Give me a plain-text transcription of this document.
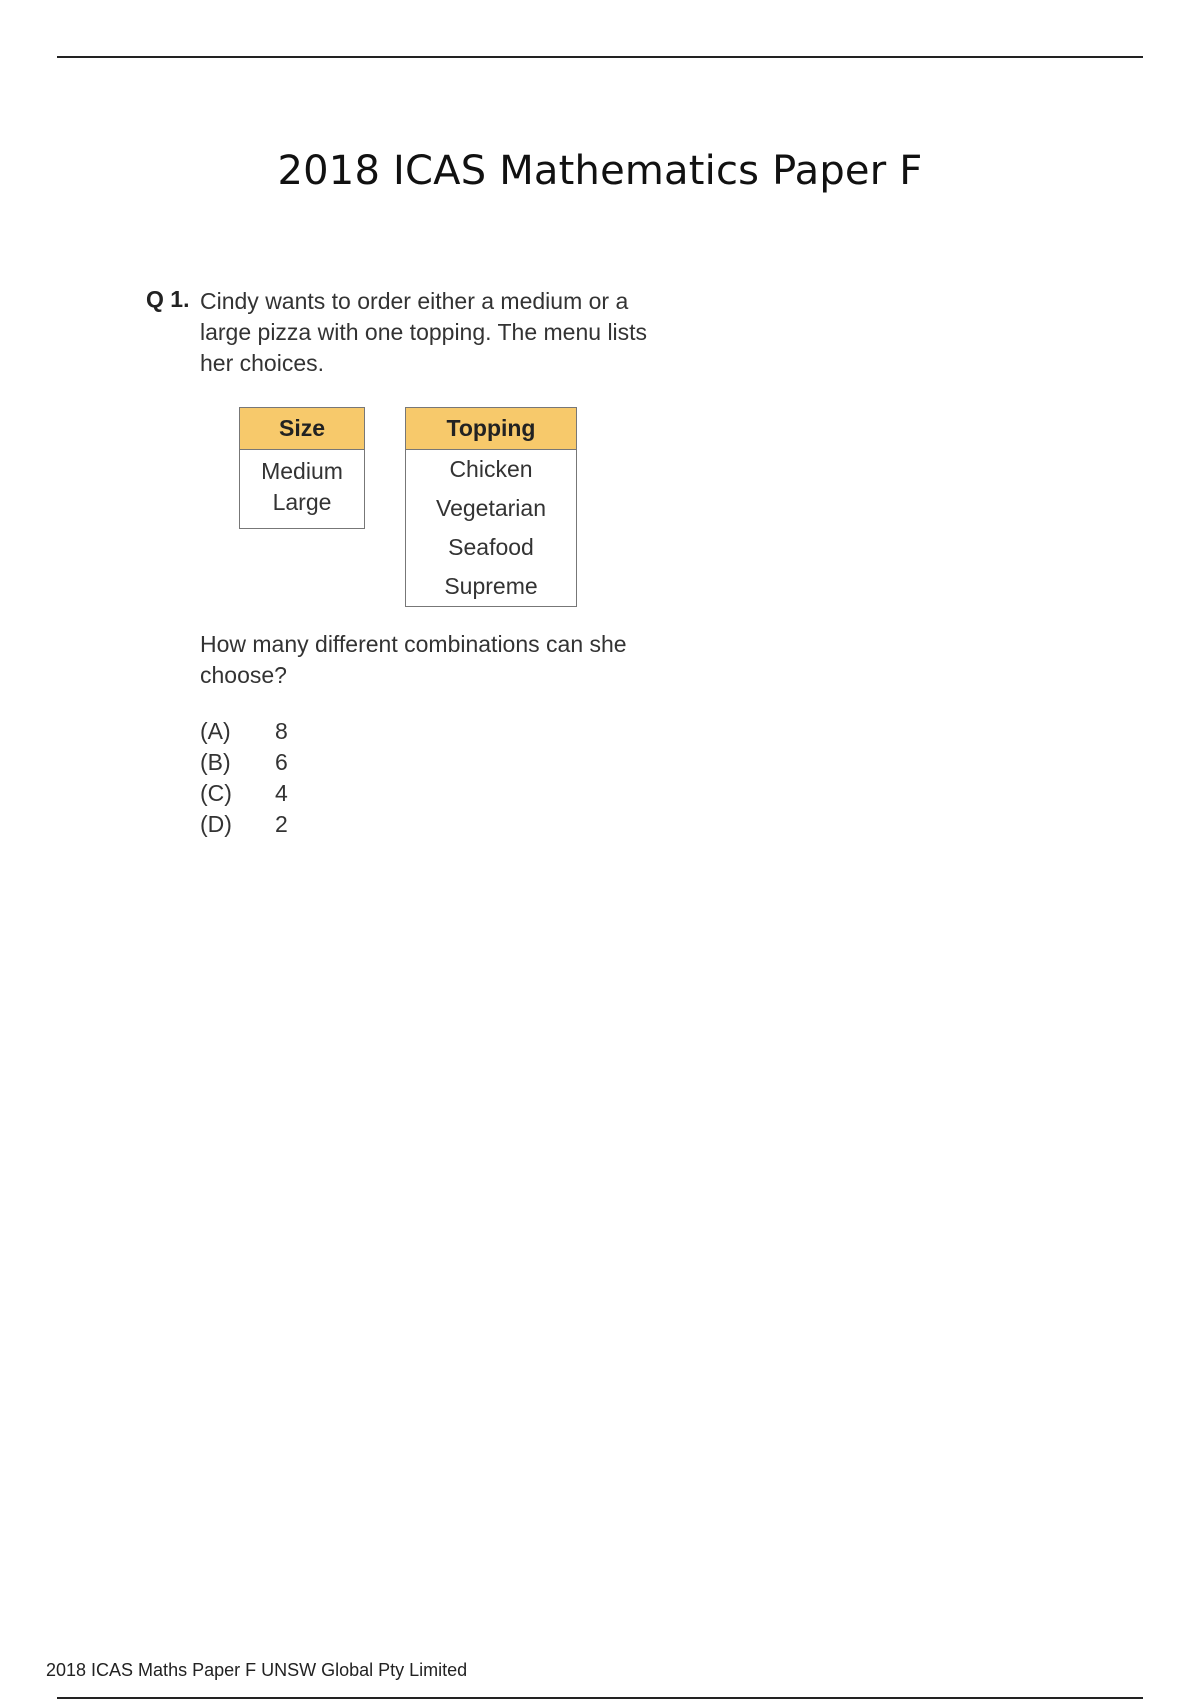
2018 ICAS Mathematics Paper F
Q 1. Cindy wants to order either a medium or a large pizza with one topping. The menu lists her choices.
Size
Medium
Large
Topping
Chicken
Vegetarian
Seafood
Supreme
How many different combinations can she choose?
(A)	8
(B)	6
(C)	4
(D)	2
2018 ICAS Maths Paper F UNSW Global Pty Limited
